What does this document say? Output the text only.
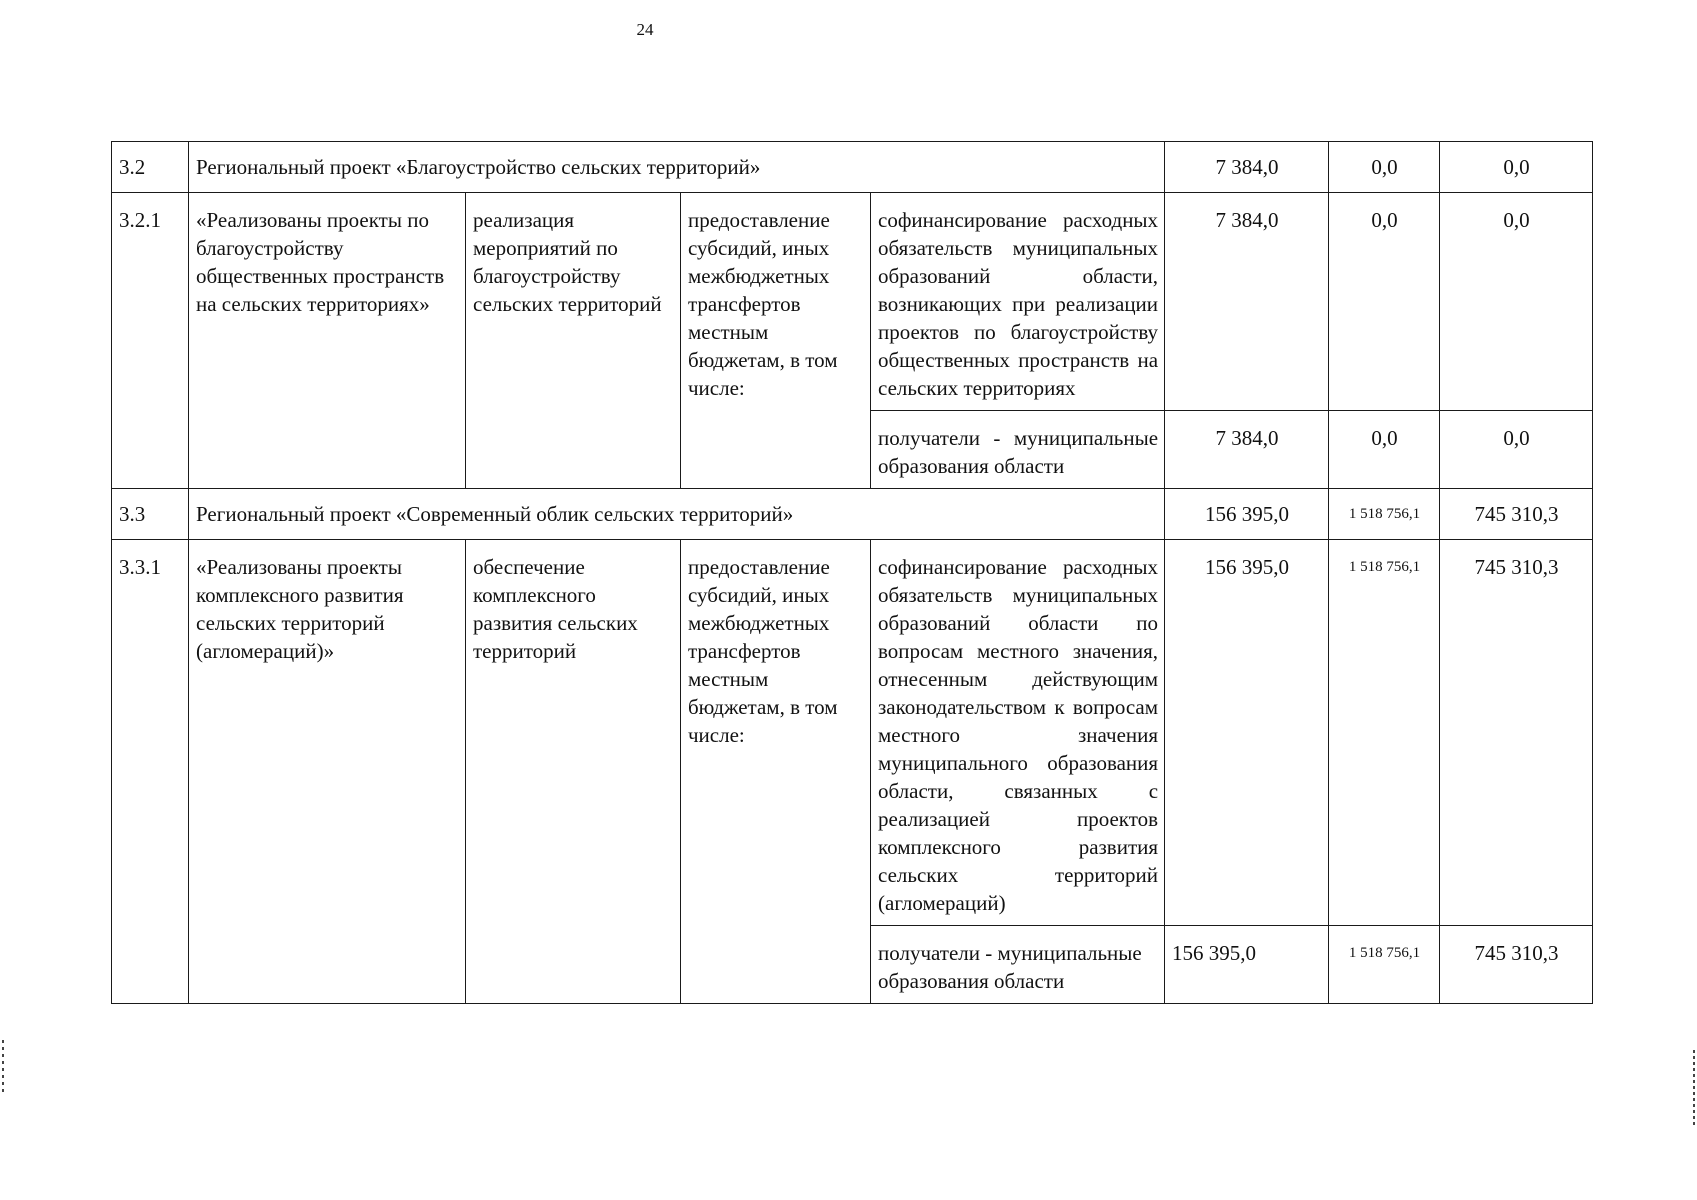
24
3.2	Региональный проект «Благоустройство сельских территорий»				7 384,0	0,0	0,0
3.2.1	«Реализованы проекты по благоустройству общественных пространств на сельских территориях»	реализация мероприятий по благоустройству сельских территорий	предоставление субсидий, иных межбюджетных трансфертов местным бюджетам, в том числе:	софинансирование расходных обязательств муниципальных образований области, возникающих при реализации проектов по благоустройству общественных пространств на сельских территориях	7 384,0	0,0	0,0
				получатели - муниципальные образования области	7 384,0	0,0	0,0
3.3	Региональный проект «Современный облик сельских территорий»				156 395,0	1 518 756,1	745 310,3
3.3.1	«Реализованы проекты комплексного развития сельских территорий (агломераций)»	обеспечение комплексного развития сельских территорий	предоставление субсидий, иных межбюджетных трансфертов местным бюджетам, в том числе:	софинансирование расходных обязательств муниципальных образований области по вопросам местного значения, отнесенным действующим законодательством к вопросам местного значения муниципального образования области, связанных с реализацией проектов комплексного развития сельских территорий (агломераций)	156 395,0	1 518 756,1	745 310,3
				получатели - муниципальные образования области	156 395,0	1 518 756,1	745 310,3
